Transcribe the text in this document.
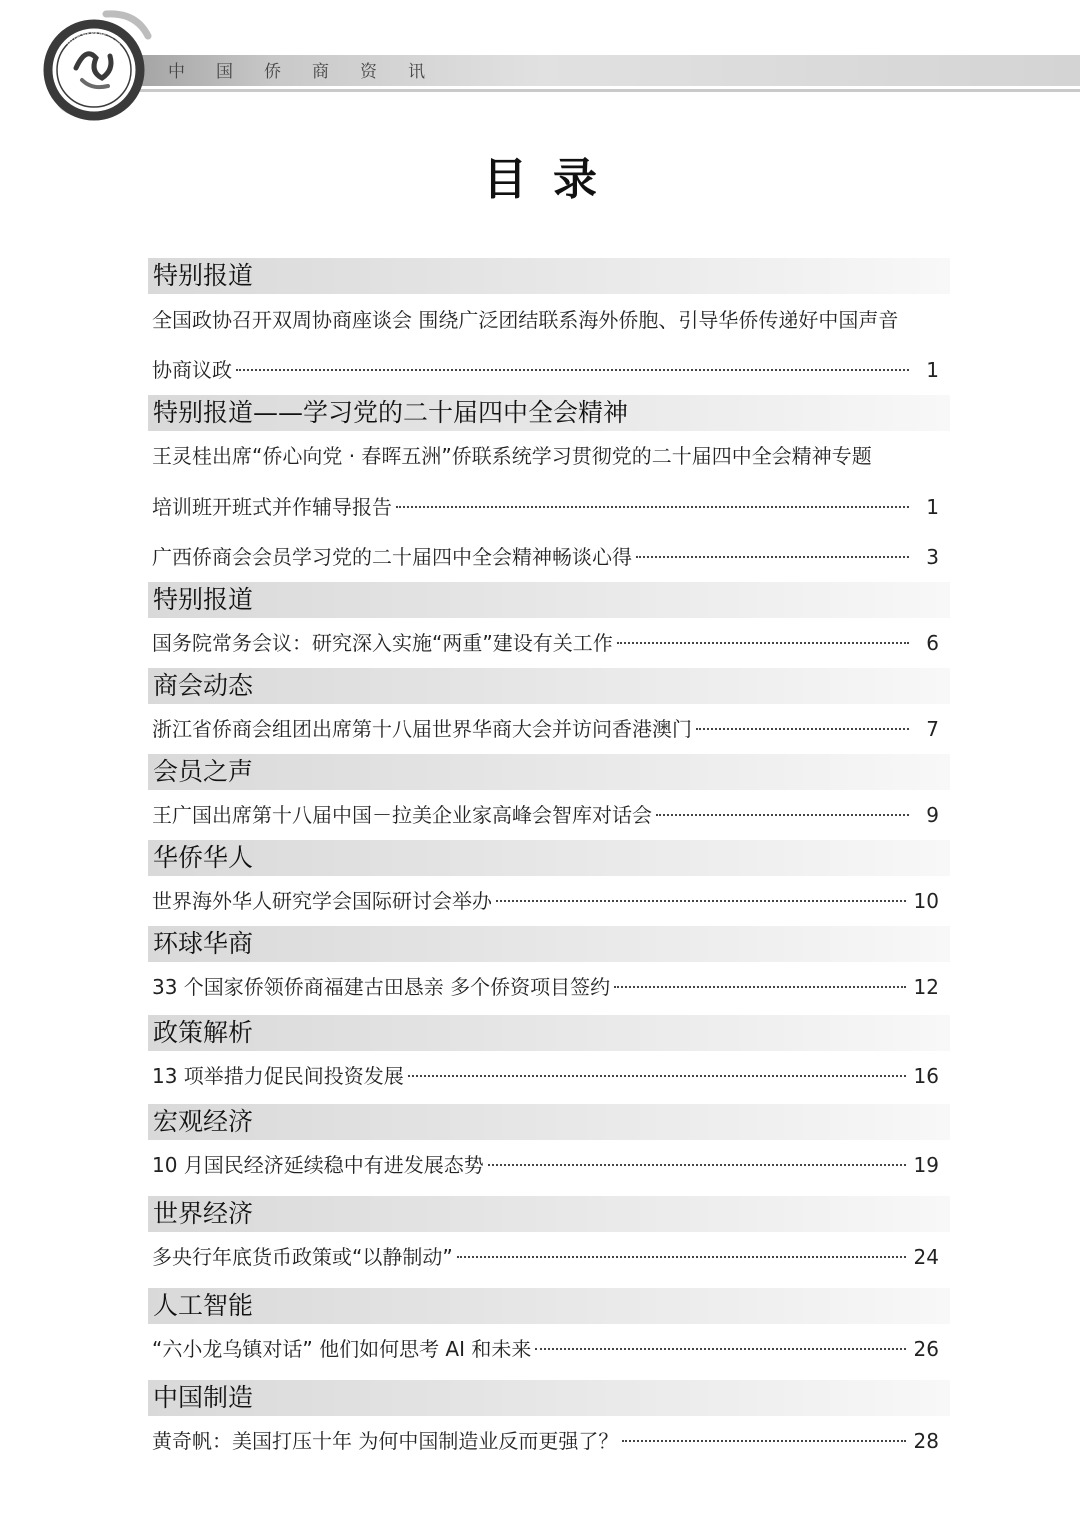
中国侨商资讯
中国侨商联合会
目录
特别报道
全国政协召开双周协商座谈会 围绕广泛团结联系海外侨胞、引导华侨传递好中国声音
协商议政	1
特别报道——学习党的二十届四中全会精神
王灵桂出席“侨心向党 · 春晖五洲”侨联系统学习贯彻党的二十届四中全会精神专题
培训班开班式并作辅导报告	1
广西侨商会会员学习党的二十届四中全会精神畅谈心得	3
特别报道
国务院常务会议：研究深入实施“两重”建设有关工作	6
商会动态
浙江省侨商会组团出席第十八届世界华商大会并访问香港澳门	7
会员之声
王广国出席第十八届中国－拉美企业家高峰会智库对话会	9
华侨华人
世界海外华人研究学会国际研讨会举办	10
环球华商
33 个国家侨领侨商福建古田恳亲 多个侨资项目签约	12
政策解析
13 项举措力促民间投资发展	16
宏观经济
10 月国民经济延续稳中有进发展态势	19
世界经济
多央行年底货币政策或“以静制动”	24
人工智能
“六小龙乌镇对话” 他们如何思考 AI 和未来	26
中国制造
黄奇帆：美国打压十年 为何中国制造业反而更强了？	28
